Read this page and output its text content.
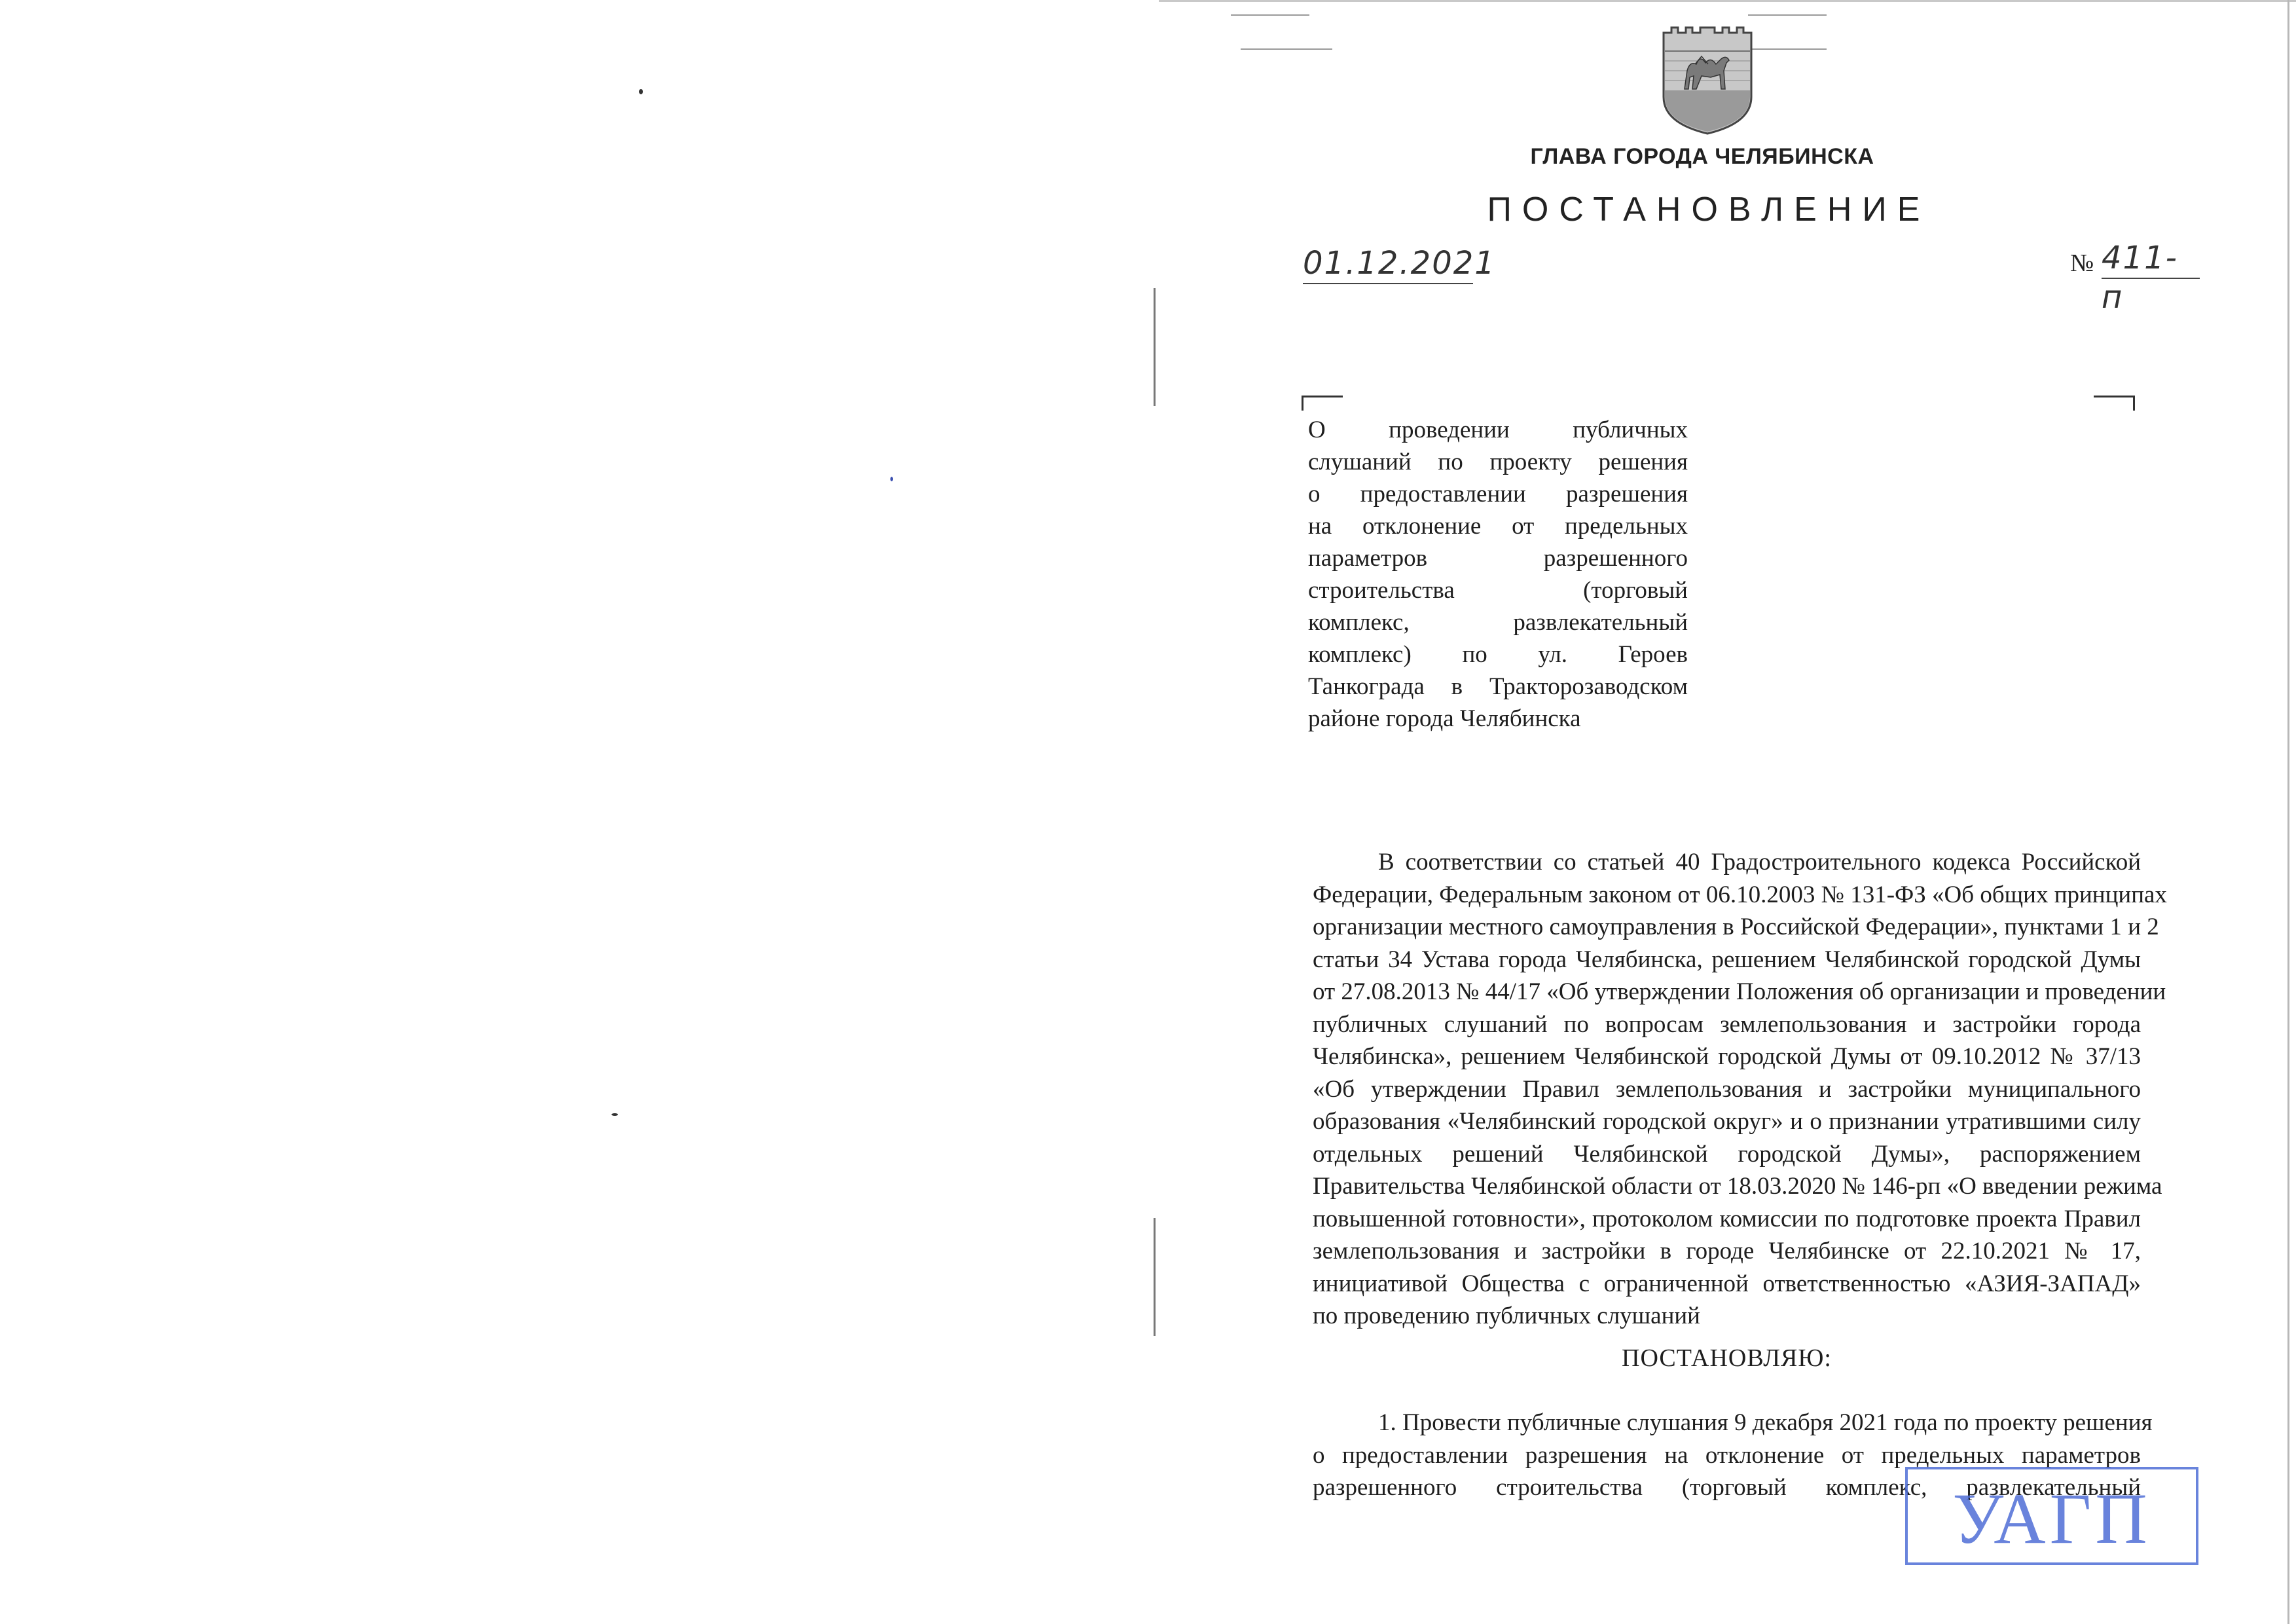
ГЛАВА ГОРОДА ЧЕЛЯБИНСКА
ПОСТАНОВЛЕНИЕ
01.12.2021	№ 411-п
О проведении публичных
слушаний по проекту решения
о предоставлении разрешения
на отклонение от предельных
параметров разрешенного
строительства (торговый
комплекс, развлекательный
комплекс) по ул. Героев
Танкограда в Тракторозаводском
районе города Челябинска
В соответствии со статьей 40 Градостроительного кодекса Российской
Федерации, Федеральным законом от 06.10.2003 № 131-ФЗ «Об общих принципах
организации местного самоуправления в Российской Федерации», пунктами 1 и 2
статьи 34 Устава города Челябинска, решением Челябинской городской Думы
от 27.08.2013 № 44/17 «Об утверждении Положения об организации и проведении
публичных слушаний по вопросам землепользования и застройки города
Челябинска», решением Челябинской городской Думы от 09.10.2012 № 37/13
«Об утверждении Правил землепользования и застройки муниципального
образования «Челябинский городской округ» и о признании утратившими силу
отдельных решений Челябинской городской Думы», распоряжением
Правительства Челябинской области от 18.03.2020 № 146-рп «О введении режима
повышенной готовности», протоколом комиссии по подготовке проекта Правил
землепользования и застройки в городе Челябинске от 22.10.2021 № 17,
инициативой Общества с ограниченной ответственностью «АЗИЯ-ЗАПАД»
по проведению публичных слушаний
ПОСТАНОВЛЯЮ:
1. Провести публичные слушания 9 декабря 2021 года по проекту решения
о предоставлении разрешения на отклонение от предельных параметров
разрешенного строительства (торговый комплекс, развлекательный
УАГП
